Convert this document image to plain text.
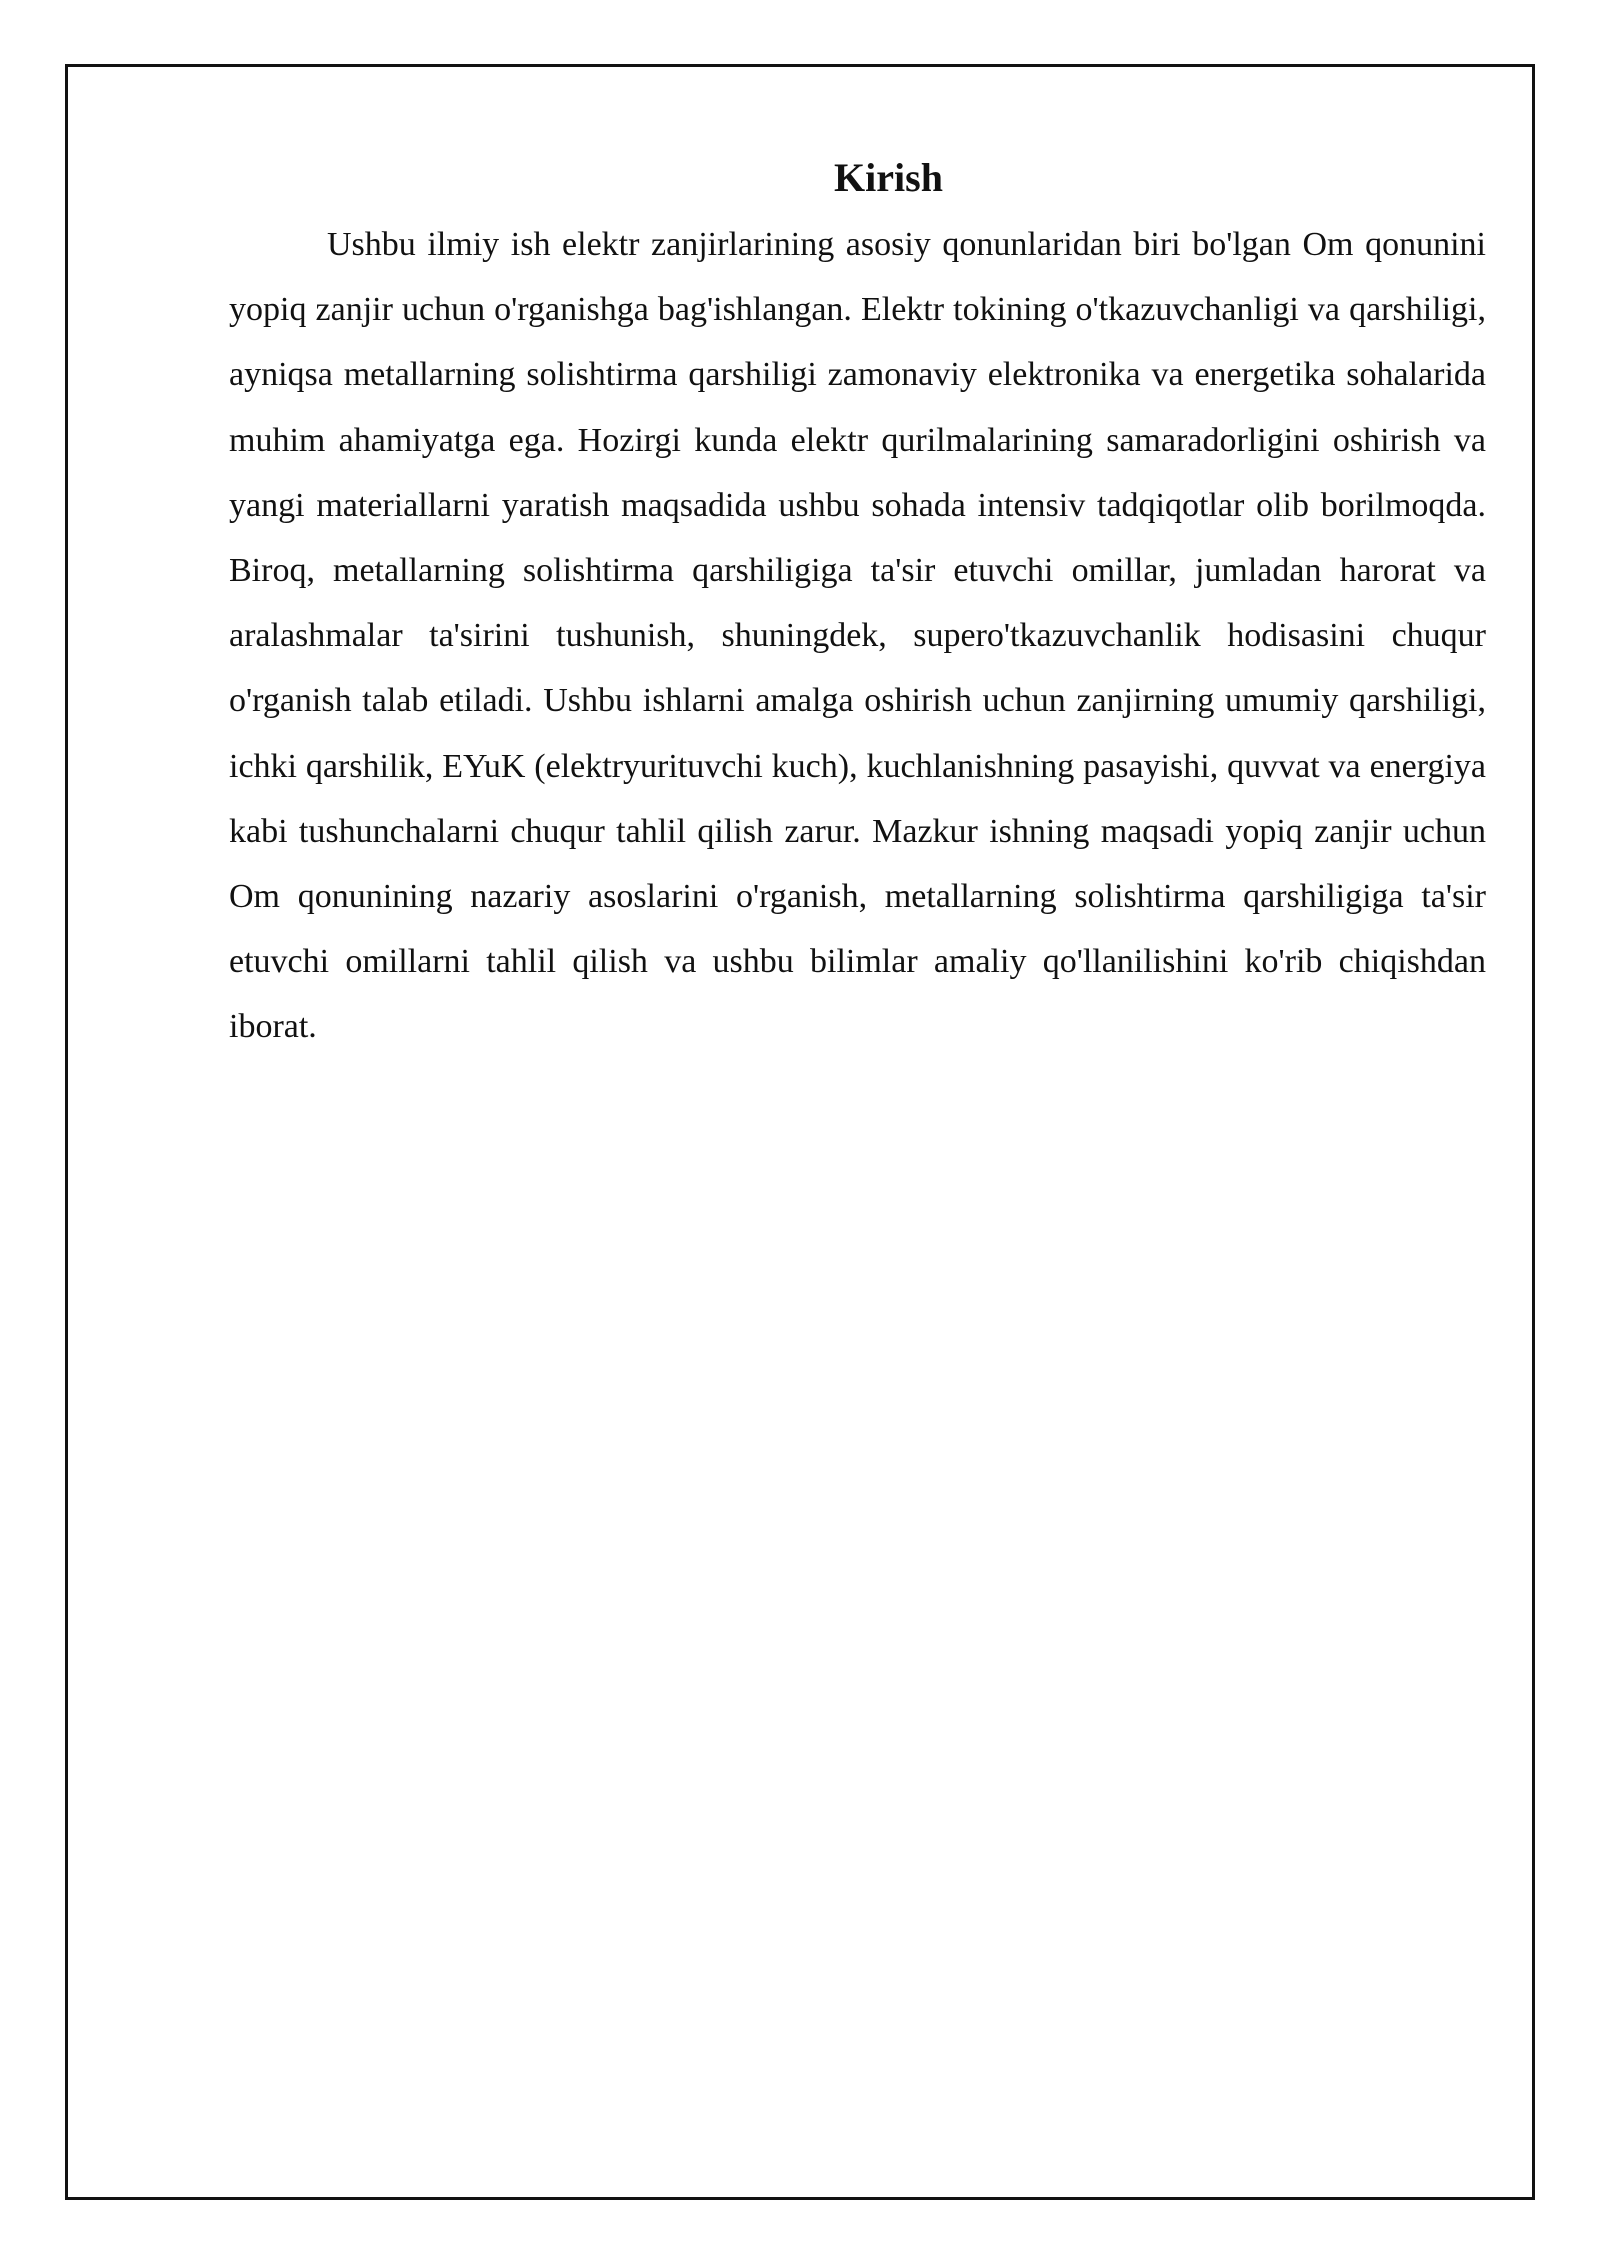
Kirish

Ushbu ilmiy ish elektr zanjirlarining asosiy qonunlaridan biri bo'lgan Om qonunini yopiq zanjir uchun o'rganishga bag'ishlangan. Elektr tokining o'tkazuvchanligi va qarshiligi, ayniqsa metallarning solishtirma qarshiligi zamonaviy elektronika va energetika sohalarida muhim ahamiyatga ega. Hozirgi kunda elektr qurilmalarining samaradorligini oshirish va yangi materiallarni yaratish maqsadida ushbu sohada intensiv tadqiqotlar olib borilmoqda. Biroq, metallarning solishtirma qarshiligiga ta'sir etuvchi omillar, jumladan harorat va aralashmalar ta'sirini tushunish, shuningdek, supero'tkazuvchanlik hodisasini chuqur o'rganish talab etiladi. Ushbu ishlarni amalga oshirish uchun zanjirning umumiy qarshiligi, ichki qarshilik, EYuK (elektryurituvchi kuch), kuchlanishning pasayishi, quvvat va energiya kabi tushunchalarni chuqur tahlil qilish zarur. Mazkur ishning maqsadi yopiq zanjir uchun Om qonunining nazariy asoslarini o'rganish, metallarning solishtirma qarshiligiga ta'sir etuvchi omillarni tahlil qilish va ushbu bilimlar amaliy qo'llanilishini ko'rib chiqishdan iborat.
